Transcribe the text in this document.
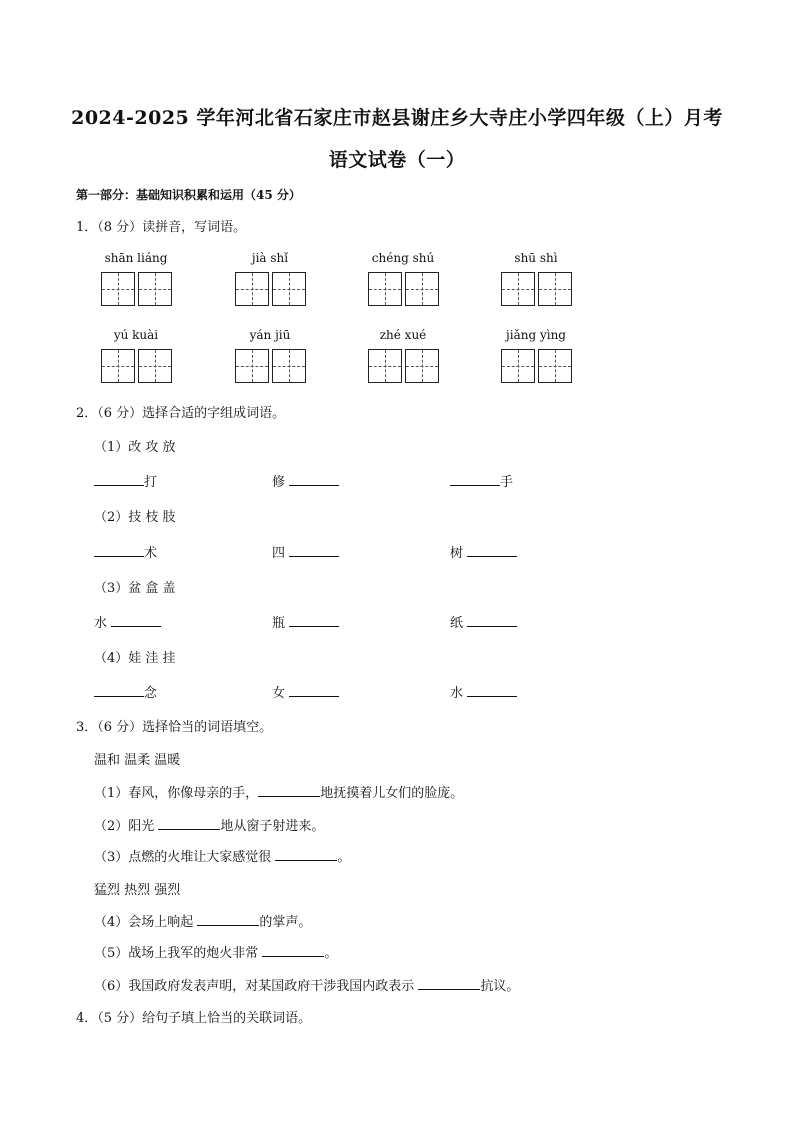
2024-2025 学年河北省石家庄市赵县谢庄乡大寺庄小学四年级（上）月考
语文试卷（一）
第一部分：基础知识积累和运用（45 分）
1．（8 分）读拼音，写词语。
shān liáng	jià shǐ	chéng shú	shū shì
yú kuài	yán jiū	zhé xué	jiǎng yìng
2．（6 分）选择合适的字组成词语。
（1）改 攻 放
打	修	手
（2）技 枝 肢
术	四	树
（3）盆 盒 盖
水	瓶	纸
（4）娃 洼 挂
念	女	水
3．（6 分）选择恰当的词语填空。
温和 温柔 温暖
（1）春风，你像母亲的手，	地抚摸着儿女们的脸庞。
（2）阳光	地从窗子射进来。
（3）点燃的火堆让大家感觉很	。
猛烈 热烈 强烈
（4）会场上响起	的掌声。
（5）战场上我军的炮火非常	。
（6）我国政府发表声明，对某国政府干涉我国内政表示	抗议。
4．（5 分）给句子填上恰当的关联词语。
